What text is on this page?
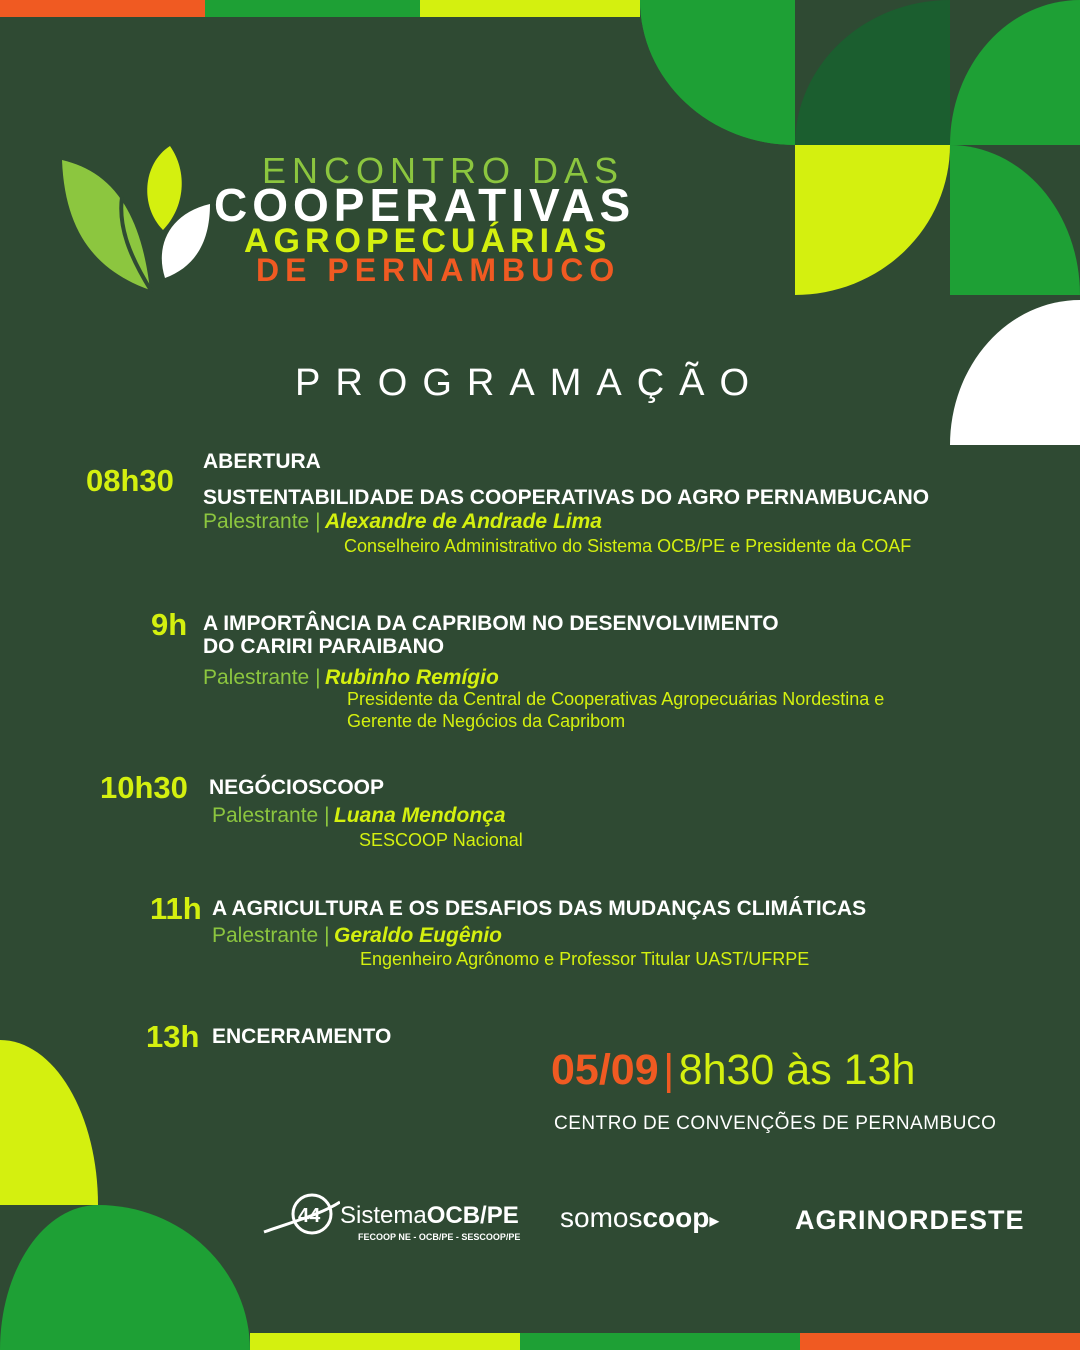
ENCONTRO DAS
COOPERATIVAS
AGROPECUÁRIAS
DE PERNAMBUCO
PROGRAMAÇÃO
08h30
ABERTURA
SUSTENTABILIDADE DAS COOPERATIVAS DO AGRO PERNAMBUCANO
Palestrante | Alexandre de Andrade Lima
Conselheiro Administrativo do Sistema OCB/PE e Presidente da COAF
9h A IMPORTÂNCIA DA CAPRIBOM NO DESENVOLVIMENTO
DO CARIRI PARAIBANO
Palestrante | Rubinho Remígio
Presidente da Central de Cooperativas Agropecuárias Nordestina e
Gerente de Negócios da Capribom
10h30 NEGÓCIOSCOOP
Palestrante | Luana Mendonça
SESCOOP Nacional
11h A AGRICULTURA E OS DESAFIOS DAS MUDANÇAS CLIMÁTICAS
Palestrante | Geraldo Eugênio
Engenheiro Agrônomo e Professor Titular UAST/UFRPE
13h ENCERRAMENTO
05/09 | 8h30 às 13h
CENTRO DE CONVENÇÕES DE PERNAMBUCO
44 SistemaOCB/PE
FECOOP NE - OCB/PE - SESCOOP/PE
somoscoop▸	AGRINORDESTE
